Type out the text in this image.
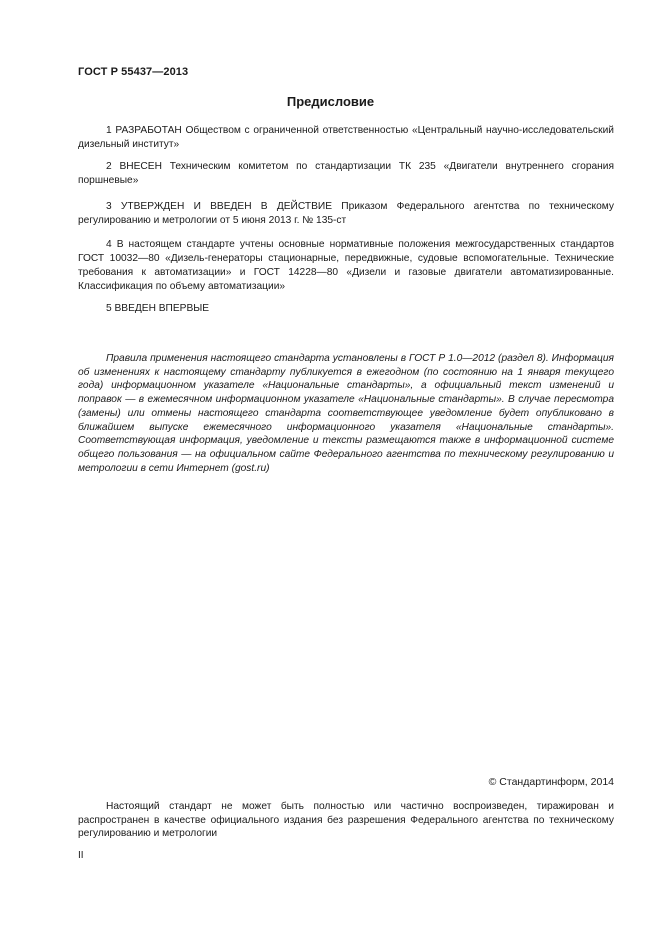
ГОСТ Р 55437—2013
Предисловие

1 РАЗРАБОТАН Обществом с ограниченной ответственностью «Центральный научно-исследовательский дизельный институт»

2 ВНЕСЕН Техническим комитетом по стандартизации ТК 235 «Двигатели внутреннего сгорания поршневые»

3 УТВЕРЖДЕН И ВВЕДЕН В ДЕЙСТВИЕ Приказом Федерального агентства по техническому регулированию и метрологии от 5 июня 2013 г. № 135-ст

4 В настоящем стандарте учтены основные нормативные положения межгосударственных стандартов ГОСТ 10032—80 «Дизель-генераторы стационарные, передвижные, судовые вспомогательные. Технические требования к автоматизации» и ГОСТ 14228—80 «Дизели и газовые двигатели автоматизированные. Классификация по объему автоматизации»

5 ВВЕДЕН ВПЕРВЫЕ

Правила применения настоящего стандарта установлены в ГОСТ Р 1.0—2012 (раздел 8). Информация об изменениях к настоящему стандарту публикуется в ежегодном (по состоянию на 1 января текущего года) информационном указателе «Национальные стандарты», а официальный текст изменений и поправок — в ежемесячном информационном указателе «Национальные стандарты». В случае пересмотра (замены) или отмены настоящего стандарта соответствующее уведомление будет опубликовано в ближайшем выпуске ежемесячного информационного указателя «Национальные стандарты». Соответствующая информация, уведомление и тексты размещаются также в информационной системе общего пользования — на официальном сайте Федерального агентства по техническому регулированию и метрологии в сети Интернет (gost.ru)

© Стандартинформ, 2014

Настоящий стандарт не может быть полностью или частично воспроизведен, тиражирован и распространен в качестве официального издания без разрешения Федерального агентства по техническому регулированию и метрологии

II
